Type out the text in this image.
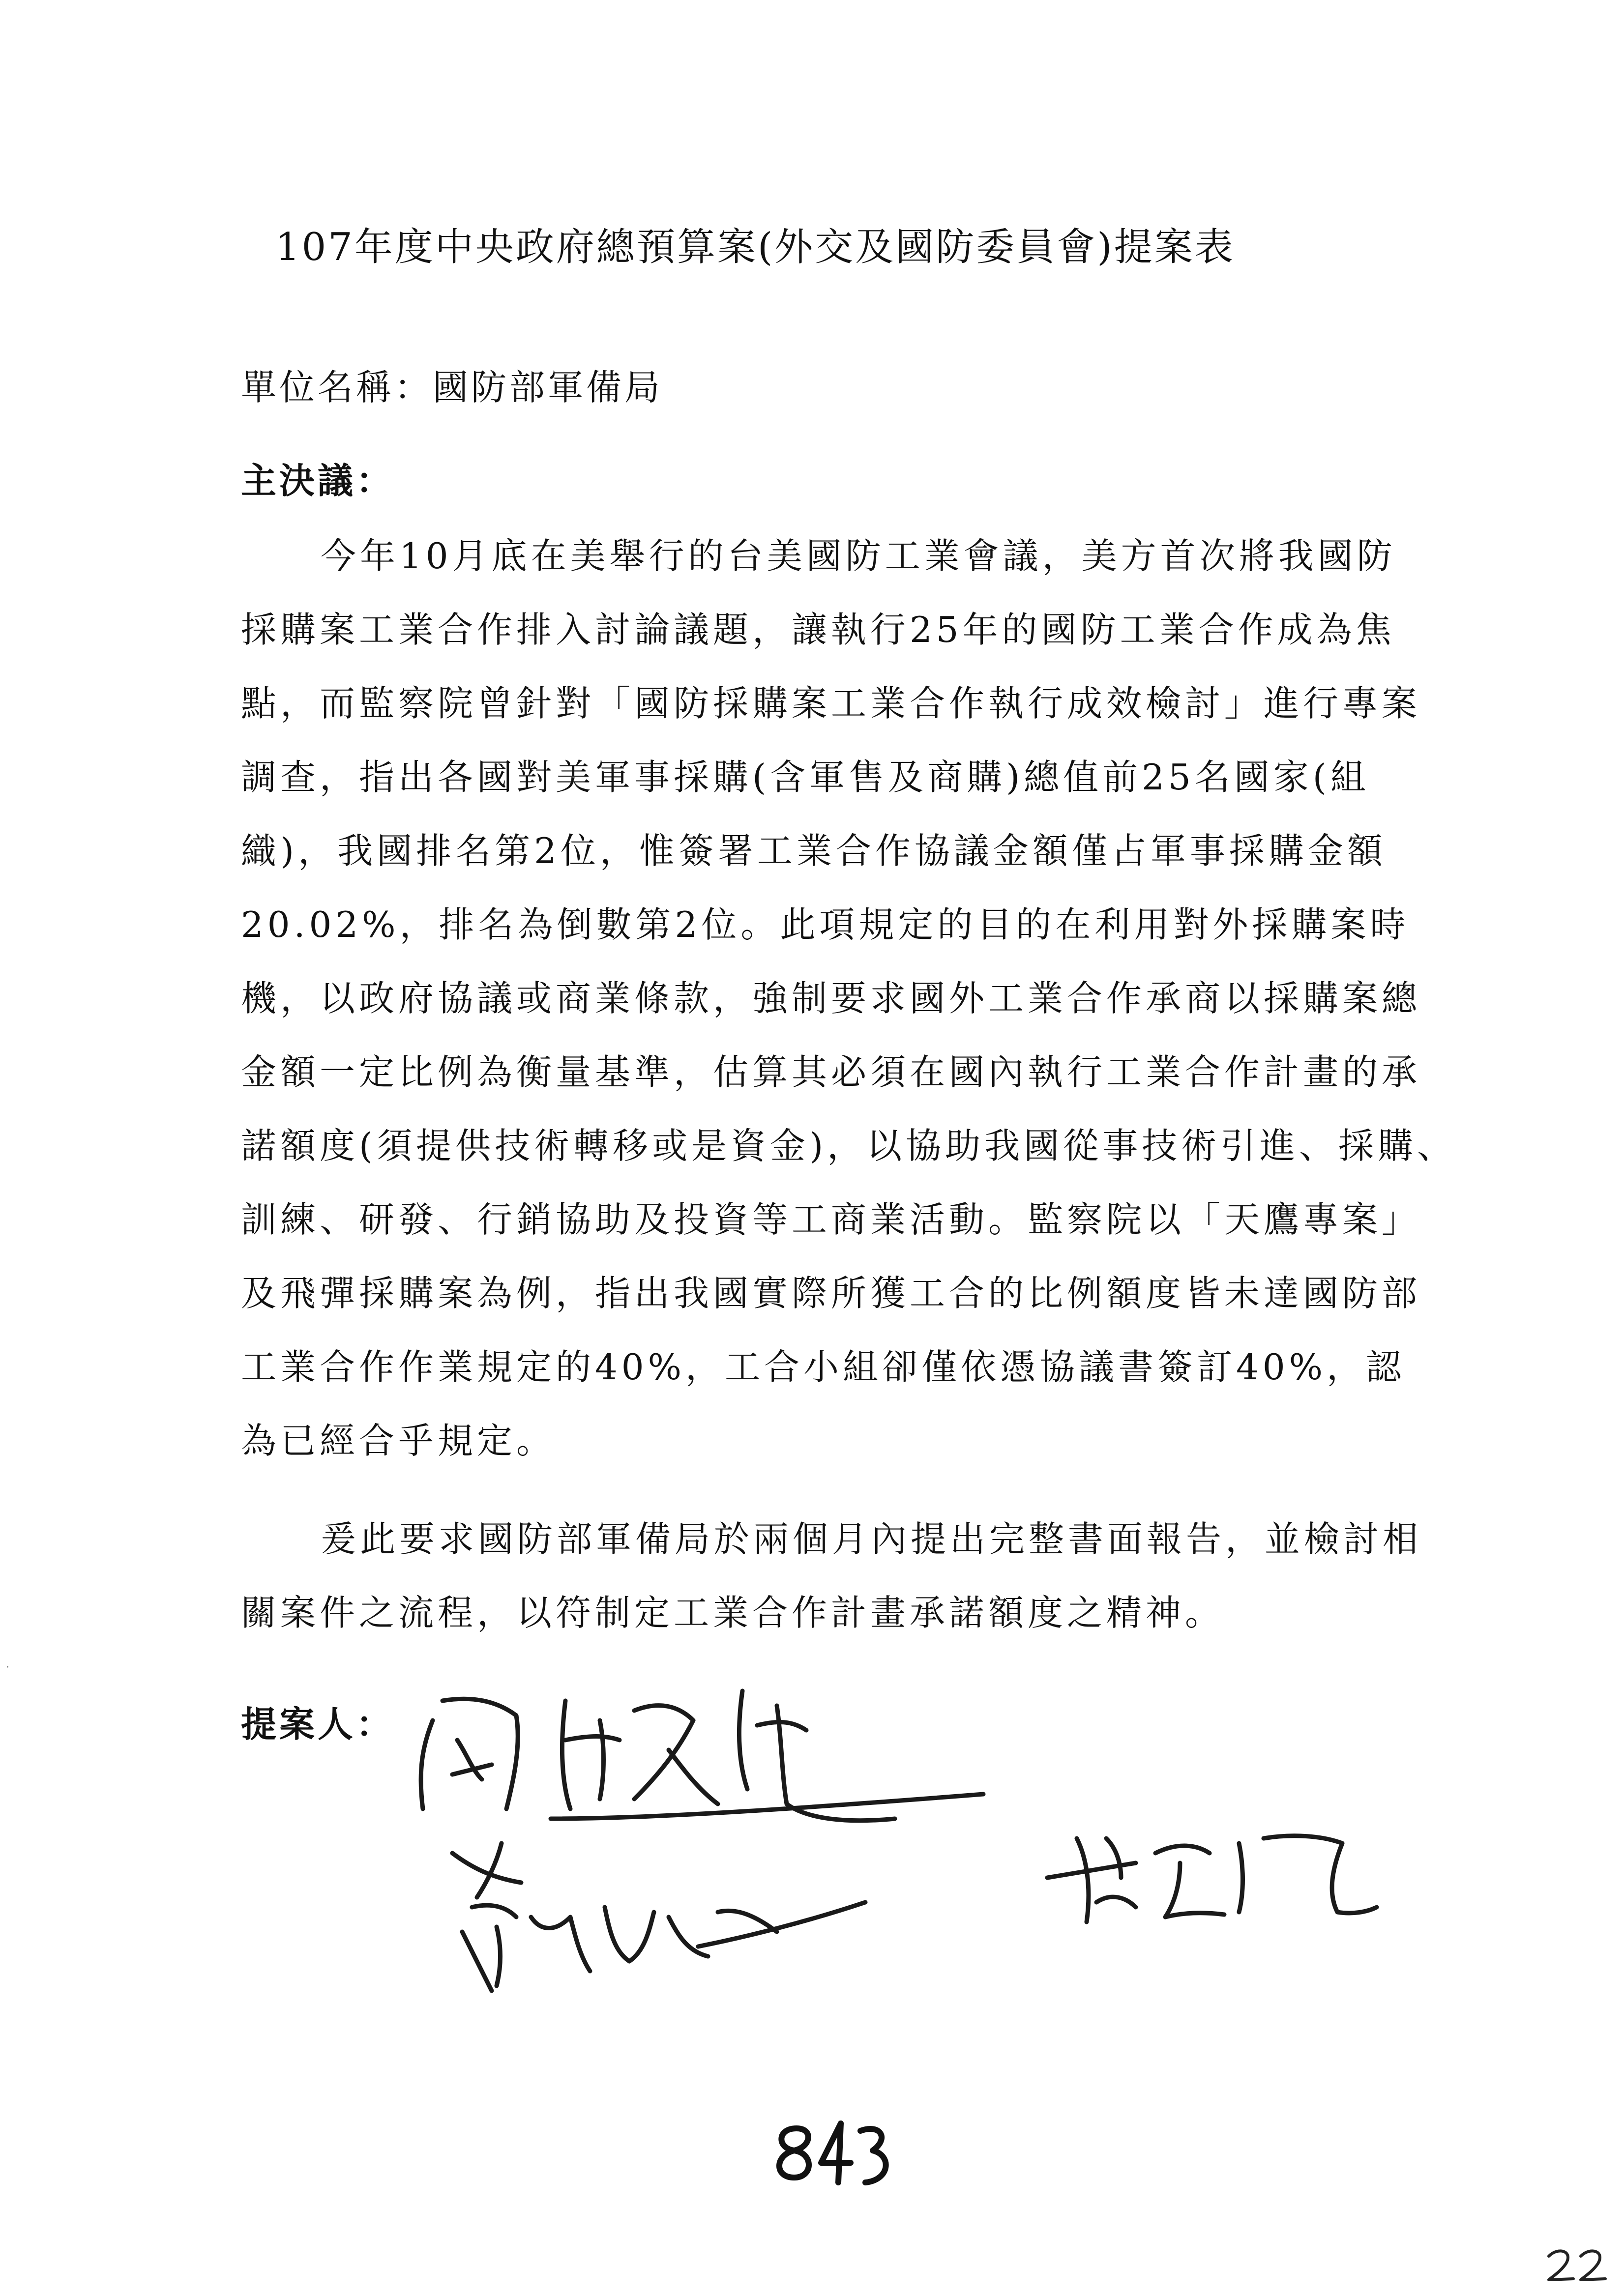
107年度中央政府總預算案(外交及國防委員會)提案表
單位名稱：國防部軍備局
主決議：
今年10月底在美舉行的台美國防工業會議，美方首次將我國防
採購案工業合作排入討論議題，讓執行25年的國防工業合作成為焦
點，而監察院曾針對「國防採購案工業合作執行成效檢討」進行專案
調查，指出各國對美軍事採購(含軍售及商購)總值前25名國家(組
織)，我國排名第2位，惟簽署工業合作協議金額僅占軍事採購金額
20.02%，排名為倒數第2位。此項規定的目的在利用對外採購案時
機，以政府協議或商業條款，強制要求國外工業合作承商以採購案總
金額一定比例為衡量基準，估算其必須在國內執行工業合作計畫的承
諾額度(須提供技術轉移或是資金)，以協助我國從事技術引進、採購、
訓練、研發、行銷協助及投資等工商業活動。監察院以「天鷹專案」
及飛彈採購案為例，指出我國實際所獲工合的比例額度皆未達國防部
工業合作作業規定的40%，工合小組卻僅依憑協議書簽訂40%，認
為已經合乎規定。
爰此要求國防部軍備局於兩個月內提出完整書面報告，並檢討相
關案件之流程，以符制定工業合作計畫承諾額度之精神。
提案人：
·
